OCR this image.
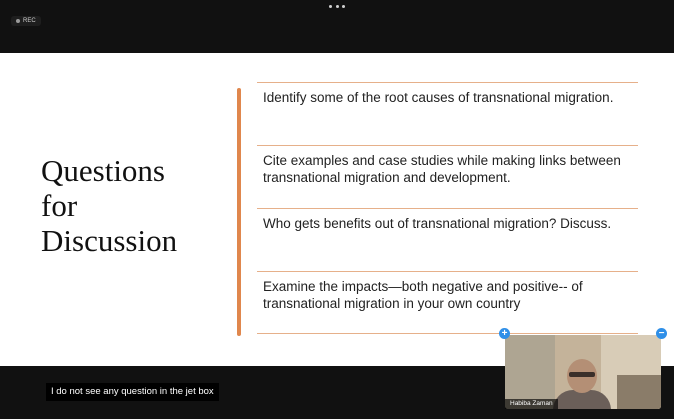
REC
Questions
for
Discussion
Identify some of the root causes of transnational migration.
Cite examples and case studies while making links between transnational migration and development.
Who gets benefits out of transnational migration? Discuss.
Examine the impacts—both negative and positive-- of transnational migration in your own country
I do not see any question in the jet box
Habiba Zaman
+	−
